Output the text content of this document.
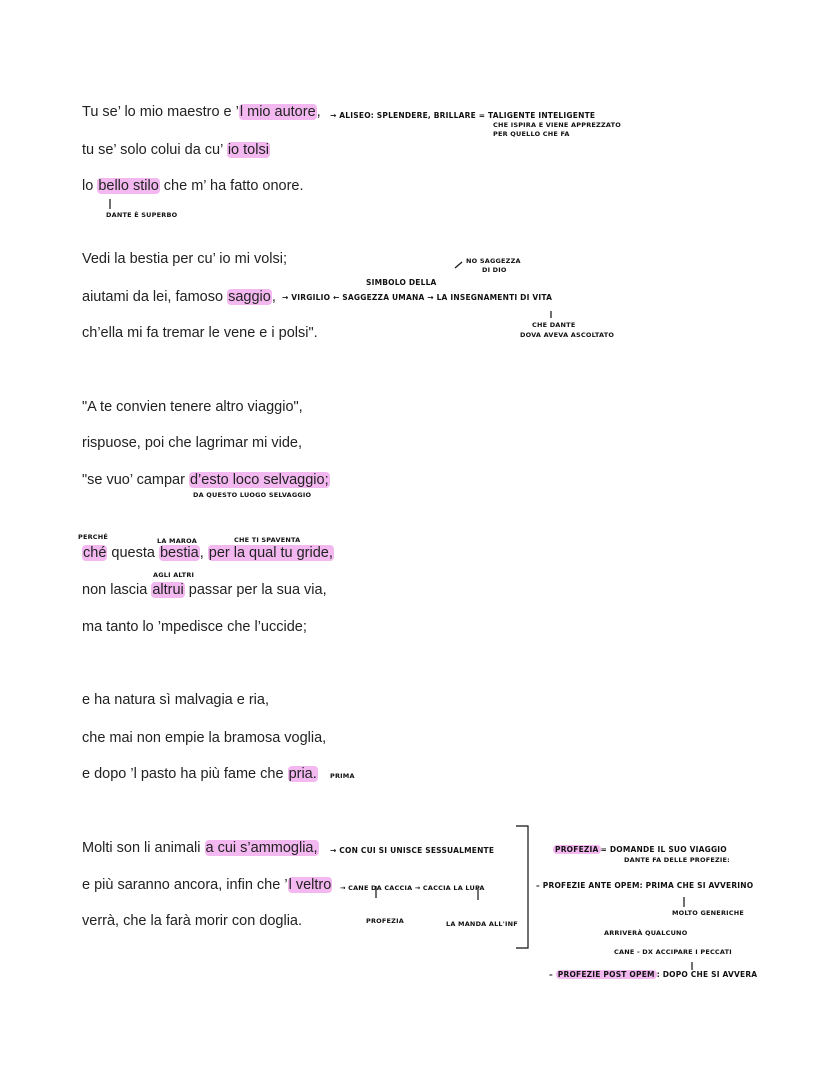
Tu se’ lo mio maestro e ’l mio autore,
tu se’ solo colui da cu’ io tolsi
lo bello stilo che m’ ha fatto onore.
Vedi la bestia per cu’ io mi volsi;
aiutami da lei, famoso saggio,
ch’ella mi fa tremar le vene e i polsi".
"A te convien tenere altro viaggio",
rispuose, poi che lagrimar mi vide,
"se vuo’ campar d’esto loco selvaggio;
ché questa bestia, per la qual tu gride,
non lascia altrui passar per la sua via,
ma tanto lo ’mpedisce che l’uccide;
e ha natura sì malvagia e ria,
che mai non empie la bramosa voglia,
e dopo ’l pasto ha più fame che pria.
Molti son li animali a cui s’ammoglia,
e più saranno ancora, infin che ’l veltro
verrà, che la farà morir con doglia.
→ ALISEO: SPLENDERE, BRILLARE = TALIGENTE INTELIGENTE
CHE ISPIRA E VIENE APPREZZATO
PER QUELLO CHE FA
DANTE È SUPERBO
NO SAGGEZZA
DI DIO
SIMBOLO DELLA
→ VIRGILIO ← SAGGEZZA UMANA → LA INSEGNAMENTI DI VITA
CHE DANTE
DOVA AVEVA ASCOLTATO
DA QUESTO LUOGO SELVAGGIO
PERCHÉ	LA MAROA	CHE TI SPAVENTA
AGLI ALTRI
PRIMA
→ CON CUI SI UNISCE SESSUALMENTE
→ CANE DA CACCIA → CACCIA LA LUPA
PROFEZIA	LA MANDA ALL'INF
PROFEZIA = DOMANDE IL SUO VIAGGIO
DANTE FA DELLE PROFEZIE:
– PROFEZIE ANTE OPEM: PRIMA CHE SI AVVERINO
MOLTO GENERICHE
ARRIVERÀ QUALCUNO
CANE - DX ACCIPARE I PECCATI
– PROFEZIE POST OPEM : DOPO CHE SI AVVERA
